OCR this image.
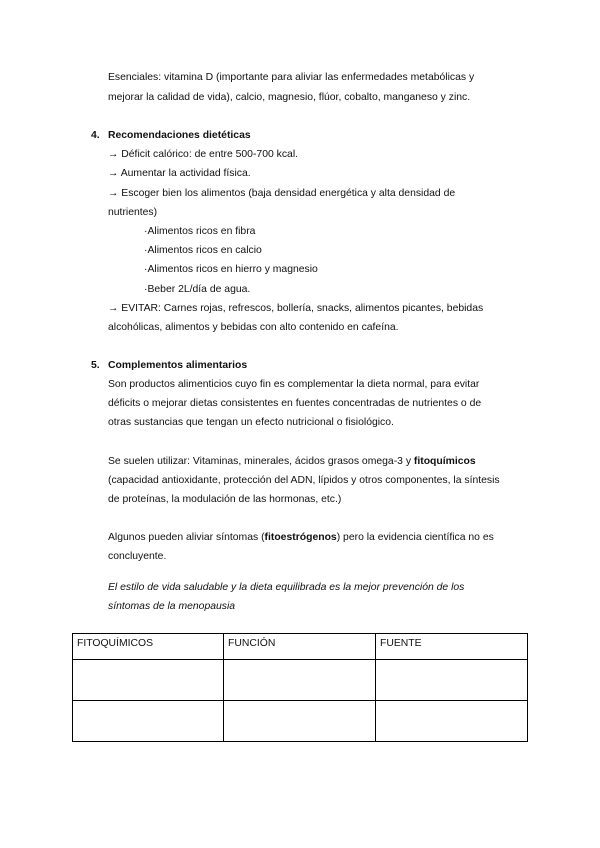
Esenciales: vitamina D (importante para aliviar las enfermedades metabólicas y
mejorar la calidad de vida), calcio, magnesio, flúor, cobalto, manganeso y zinc.
4. Recomendaciones dietéticas
→ Déficit calórico: de entre 500-700 kcal.
→ Aumentar la actividad física.
→ Escoger bien los alimentos (baja densidad energética y alta densidad de
nutrientes)
·Alimentos ricos en fibra
·Alimentos ricos en calcio
·Alimentos ricos en hierro y magnesio
·Beber 2L/día de agua.
→ EVITAR: Carnes rojas, refrescos, bollería, snacks, alimentos picantes, bebidas
alcohólicas, alimentos y bebidas con alto contenido en cafeína.
5. Complementos alimentarios
Son productos alimenticios cuyo fin es complementar la dieta normal, para evitar
déficits o mejorar dietas consistentes en fuentes concentradas de nutrientes o de
otras sustancias que tengan un efecto nutricional o fisiológico.
Se suelen utilizar: Vitaminas, minerales, ácidos grasos omega-3 y fitoquímicos
(capacidad antioxidante, protección del ADN, lípidos y otros componentes, la síntesis
de proteínas, la modulación de las hormonas, etc.)
Algunos pueden aliviar síntomas (fitoestrógenos) pero la evidencia científica no es
concluyente.
El estilo de vida saludable y la dieta equilibrada es la mejor prevención de los
síntomas de la menopausia
FITOQUÍMICOS	FUNCIÓN	FUENTE
